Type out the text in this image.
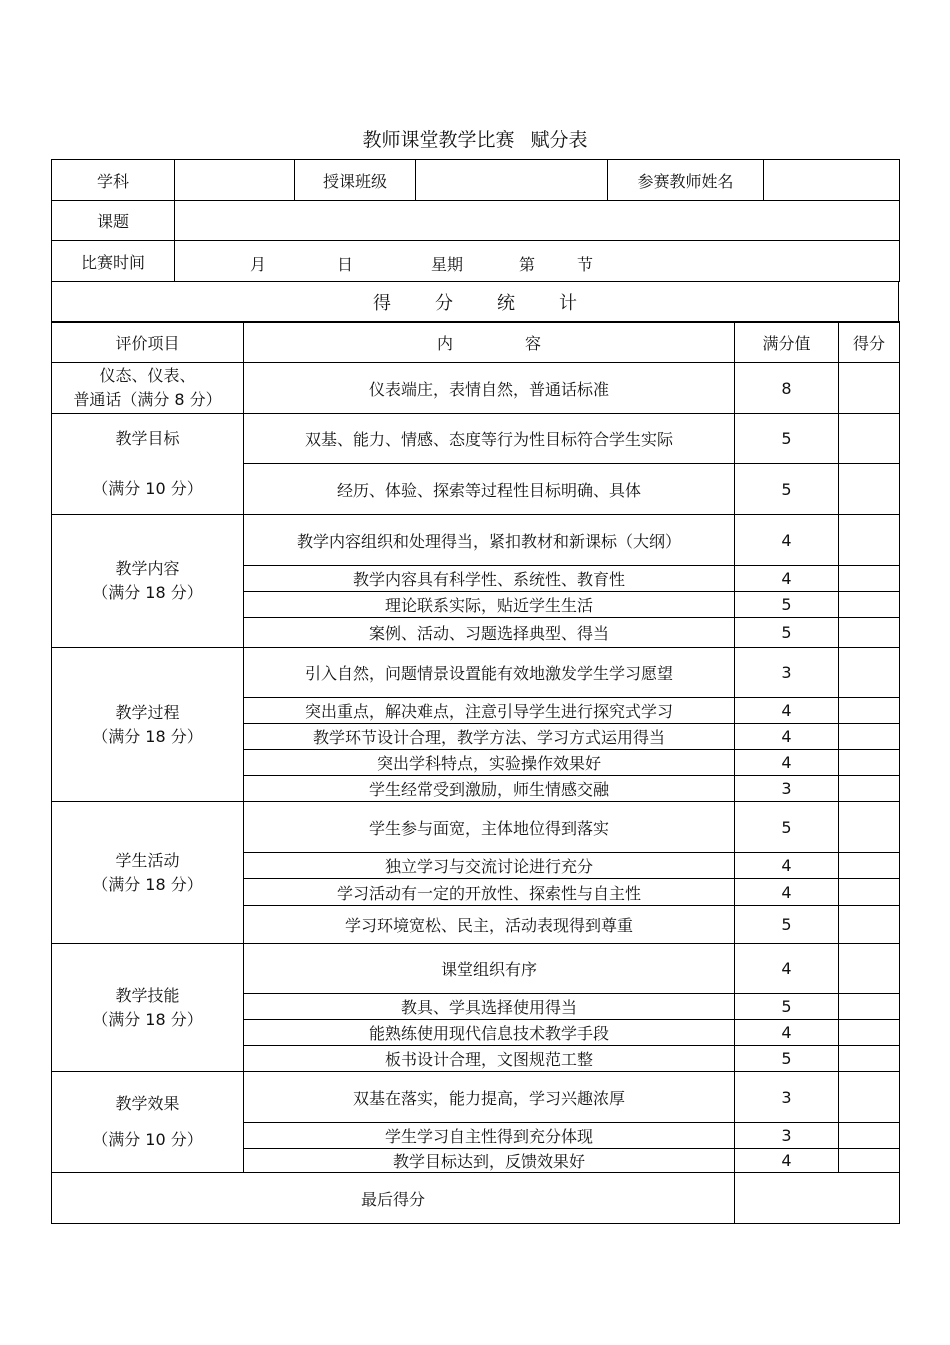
教师课堂教学比赛 赋分表
学科		授课班级		参赛教师姓名	
课题					
比赛时间	月 日 星期 第 节				
得 分 统 计
评价项目	内 容	满分值	得分

仪态、仪表、
普通话（满分 8 分）	仪表端庄，表情自然，普通话标准	8	

教学目标
（满分 10 分）	双基、能力、情感、态度等行为性目标符合学生实际	5	
	经历、体验、探索等过程性目标明确、具体	5	

教学内容
（满分 18 分）	教学内容组织和处理得当，紧扣教材和新课标（大纲）	4	
	教学内容具有科学性、系统性、教育性	4	
	理论联系实际，贴近学生生活	5	
	案例、活动、习题选择典型、得当	5	

教学过程
（满分 18 分）	引入自然，问题情景设置能有效地激发学生学习愿望	3	
	突出重点，解决难点，注意引导学生进行探究式学习	4	
	教学环节设计合理，教学方法、学习方式运用得当	4	
	突出学科特点，实验操作效果好	4	
	学生经常受到激励，师生情感交融	3	

学生活动
（满分 18 分）	学生参与面宽，主体地位得到落实	5	
	独立学习与交流讨论进行充分	4	
	学习活动有一定的开放性、探索性与自主性	4	
	学习环境宽松、民主，活动表现得到尊重	5	

教学技能
（满分 18 分）	课堂组织有序	4	
	教具、学具选择使用得当	5	
	能熟练使用现代信息技术教学手段	4	
	板书设计合理，文图规范工整	5	

教学效果
（满分 10 分）	双基在落实，能力提高，学习兴趣浓厚	3	
	学生学习自主性得到充分体现	3	
	教学目标达到，反馈效果好	4	
最后得分			
